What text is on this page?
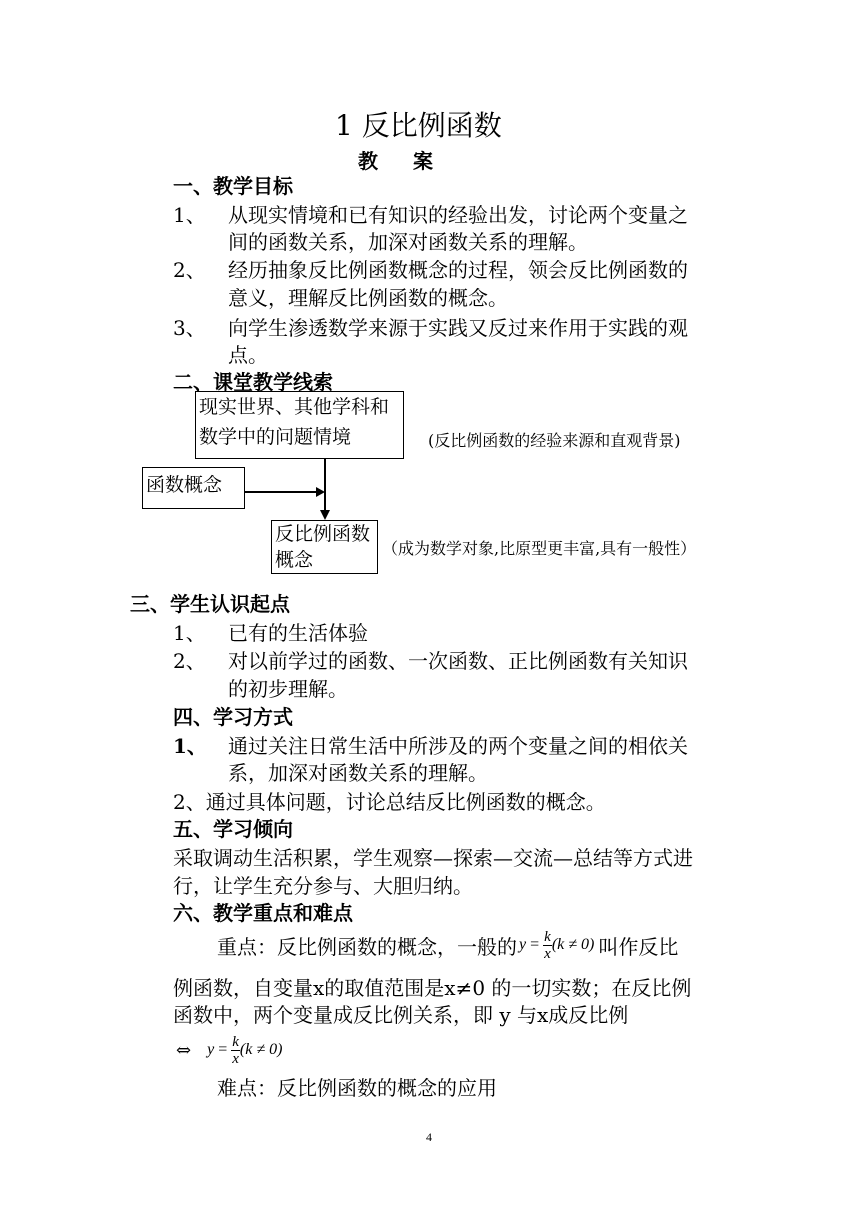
1 反比例函数
教 案
一、教学目标
1、 从现实情境和已有知识的经验出发，讨论两个变量之
间的函数关系，加深对函数关系的理解。
2、 经历抽象反比例函数概念的过程，领会反比例函数的
意义，理解反比例函数的概念。
3、 向学生渗透数学来源于实践又反过来作用于实践的观
点。
二、课堂教学线索
现实世界、其他学科和
数学中的问题情境	(反比例函数的经验来源和直观背景)
函数概念
反比例函数
概念
（成为数学对象,比原型更丰富,具有一般性）
三、学生认识起点
1、 已有的生活体验
2、 对以前学过的函数、一次函数、正比例函数有关知识
的初步理解。
四、学习方式
1、 通过关注日常生活中所涉及的两个变量之间的相依关
系，加深对函数关系的理解。
2、通过具体问题，讨论总结反比例函数的概念。
五、学习倾向
采取调动生活积累，学生观察—探索—交流—总结等方式进
行，让学生充分参与、大胆归纳。
六、教学重点和难点
重点：反比例函数的概念，一般的 $y = \frac{k}{x} (k \ne 0)$ 叫作反比
例函数，自变量x的取值范围是x≠0 的一切实数；在反比例
函数中，两个变量成反比例关系，即 y 与x成反比例
⇔ $y = \frac{k}{x} (k \ne 0)$
难点：反比例函数的概念的应用
4
